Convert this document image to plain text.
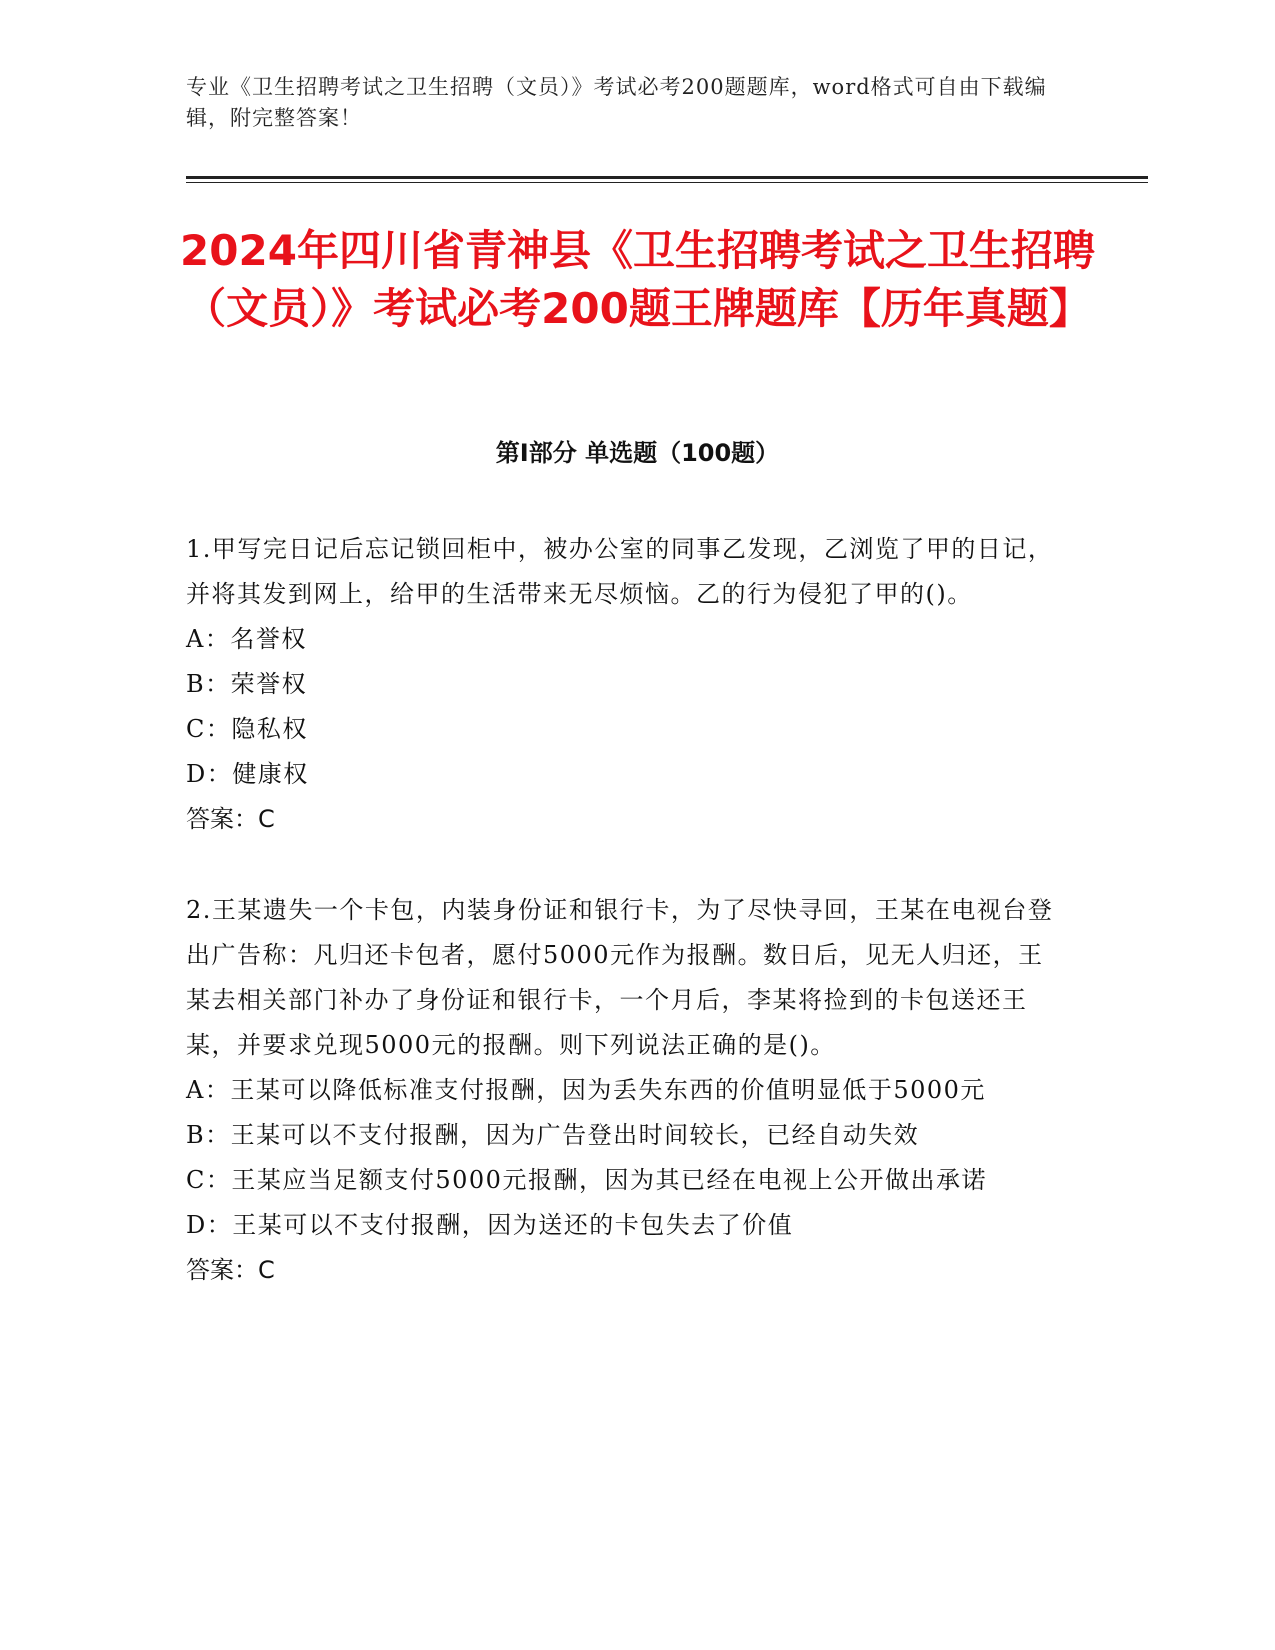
专业《卫生招聘考试之卫生招聘（文员）》考试必考200题题库，word格式可自由下载编辑，附完整答案！
2024年四川省青神县《卫生招聘考试之卫生招聘（文员）》考试必考200题王牌题库【历年真题】
第I部分 单选题（100题）

1.甲写完日记后忘记锁回柜中，被办公室的同事乙发现，乙浏览了甲的日记，并将其发到网上，给甲的生活带来无尽烦恼。乙的行为侵犯了甲的()。

A：名誉权

B：荣誉权

C：隐私权

D：健康权

答案：C

2.王某遗失一个卡包，内装身份证和银行卡，为了尽快寻回，王某在电视台登出广告称：凡归还卡包者，愿付5000元作为报酬。数日后，见无人归还，王某去相关部门补办了身份证和银行卡，一个月后，李某将捡到的卡包送还王某，并要求兑现5000元的报酬。则下列说法正确的是()。

A：王某可以降低标准支付报酬，因为丢失东西的价值明显低于5000元

B：王某可以不支付报酬，因为广告登出时间较长，已经自动失效

C：王某应当足额支付5000元报酬，因为其已经在电视上公开做出承诺

D：王某可以不支付报酬，因为送还的卡包失去了价值

答案：C
